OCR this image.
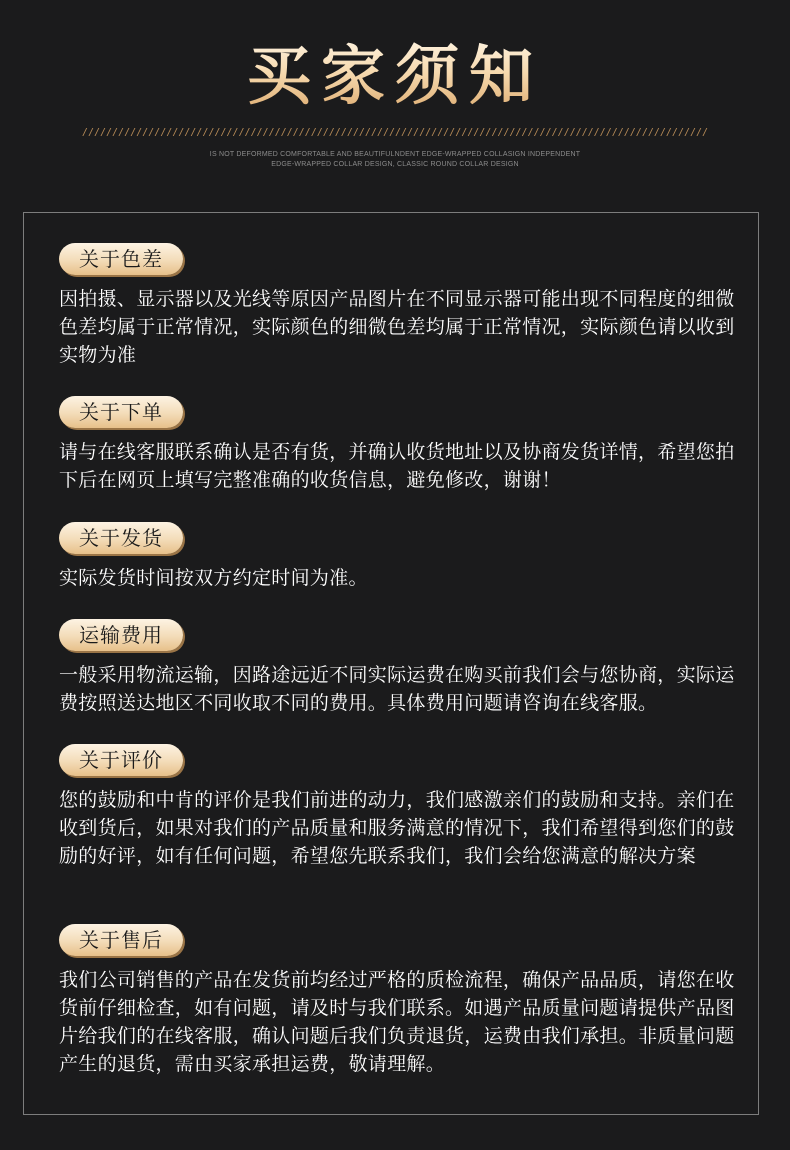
买家须知
////////////////////////////////////////////////////////////////////////////////////////////////////////
IS NOT DEFORMED COMFORTABLE AND BEAUTIFULNDENT EDGE-WRAPPED COLLASIGN INDEPENDENT
EDGE-WRAPPED COLLAR DESIGN, CLASSIC ROUND COLLAR DESIGN
关于色差

因拍摄、显示器以及光线等原因产品图片在不同显示器可能出现不同程度的细微色差均属于正常情况，实际颜色的细微色差均属于正常情况，实际颜色请以收到实物为准

关于下单

请与在线客服联系确认是否有货，并确认收货地址以及协商发货详情，希望您拍下后在网页上填写完整准确的收货信息，避免修改，谢谢！

关于发货

实际发货时间按双方约定时间为准。

运输费用

一般采用物流运输，因路途远近不同实际运费在购买前我们会与您协商，实际运费按照送达地区不同收取不同的费用。具体费用问题请咨询在线客服。

关于评价

您的鼓励和中肯的评价是我们前进的动力，我们感激亲们的鼓励和支持。亲们在收到货后，如果对我们的产品质量和服务满意的情况下，我们希望得到您们的鼓励的好评，如有任何问题，希望您先联系我们，我们会给您满意的解决方案

关于售后

我们公司销售的产品在发货前均经过严格的质检流程，确保产品品质，请您在收货前仔细检查，如有问题，请及时与我们联系。如遇产品质量问题请提供产品图片给我们的在线客服，确认问题后我们负责退货，运费由我们承担。非质量问题产生的退货，需由买家承担运费，敬请理解。
